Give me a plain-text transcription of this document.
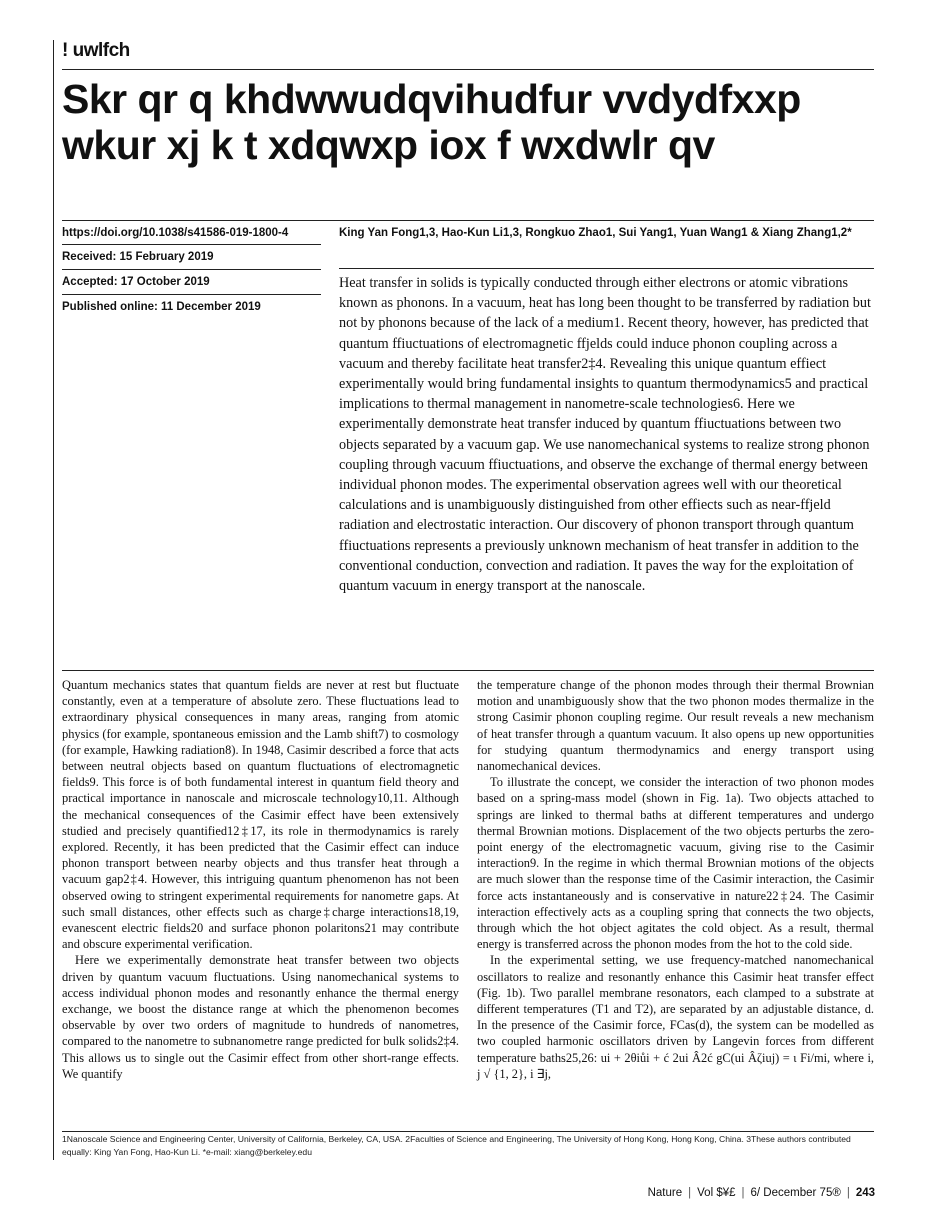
! uwlfch
Skr qr q khdwwudqvihudfur vvdydfxxp
wkur xj k t xdqwxp iox f wxdwlr qv
https://doi.org/10.1038/s41586-019-1800-4
Received: 15 February 2019
Accepted: 17 October 2019
Published online: 11 December 2019
King Yan Fong1,3, Hao-Kun Li1,3, Rongkuo Zhao1, Sui Yang1, Yuan Wang1 & Xiang Zhang1,2*

Heat transfer in solids is typically conducted through either electrons or atomic vibrations known as phonons. In a vacuum, heat has long been thought to be transferred by radiation but not by phonons because of the lack of a medium1. Recent theory, however, has predicted that quantum ffiuctuations of electromagnetic ffjelds could induce phonon coupling across a vacuum and thereby facilitate heat transfer2‡4. Revealing this unique quantum effiect experimentally would bring fundamental insights to quantum thermodynamics5 and practical implications to thermal management in nanometre-scale technologies6. Here we experimentally demonstrate heat transfer induced by quantum ffiuctuations between two objects separated by a vacuum gap. We use nanomechanical systems to realize strong phonon coupling through vacuum ffiuctuations, and observe the exchange of thermal energy between individual phonon modes. The experimental observation agrees well with our theoretical calculations and is unambiguously distinguished from other effiects such as near-ffjeld radiation and electrostatic interaction. Our discovery of phonon transport through quantum ffiuctuations represents a previously unknown mechanism of heat transfer in addition to the conventional conduction, convection and radiation. It paves the way for the exploitation of quantum vacuum in energy transport at the nanoscale.

Quantum mechanics states that quantum fields are never at rest but fluctuate constantly, even at a temperature of absolute zero. These fluctuations lead to extraordinary physical consequences in many areas, ranging from atomic physics (for example, spontaneous emission and the Lamb shift7) to cosmology (for example, Hawking radiation8). In 1948, Casimir described a force that acts between neutral objects based on quantum fluctuations of electromagnetic fields9. This force is of both fundamental interest in quantum field theory and practical importance in nanoscale and microscale technology10,11. Although the mechanical consequences of the Casimir effect have been extensively studied and precisely quantified12‡17, its role in thermodynamics is rarely explored. Recently, it has been predicted that the Casimir effect can induce phonon transport between nearby objects and thus transfer heat through a vacuum gap2‡4. However, this intriguing quantum phenomenon has not been observed owing to stringent experimental requirements for nanometre gaps. At such small distances, other effects such as charge‡charge interactions18,19, evanescent electric fields20 and surface phonon polaritons21 may contribute and obscure experimental verification.

Here we experimentally demonstrate heat transfer between two objects driven by quantum vacuum fluctuations. Using nanomechanical systems to access individual phonon modes and resonantly enhance the thermal energy exchange, we boost the distance range at which the phenomenon becomes observable by over two orders of magnitude to hundreds of nanometres, compared to the nanometre to subnanometre range predicted for bulk solids2‡4. This allows us to single out the Casimir effect from other short-range effects. We quantify

the temperature change of the phonon modes through their thermal Brownian motion and unambiguously show that the two phonon modes thermalize in the strong Casimir phonon coupling regime. Our result reveals a new mechanism of heat transfer through a quantum vacuum. It also opens up new opportunities for studying quantum thermodynamics and energy transport using nanomechanical devices.

To illustrate the concept, we consider the interaction of two phonon modes based on a spring-mass model (shown in Fig. 1a). Two objects attached to springs are linked to thermal baths at different temperatures and undergo thermal Brownian motions. Displacement of the two objects perturbs the zero-point energy of the electromagnetic vacuum, giving rise to the Casimir interaction9. In the regime in which thermal Brownian motions of the objects are much slower than the response time of the Casimir interaction, the Casimir force acts instantaneously and is conservative in nature22‡24. The Casimir interaction effectively acts as a coupling spring that connects the two objects, through which the hot object agitates the cold object. As a result, thermal energy is transferred across the phonon modes from the hot to the cold side.

In the experimental setting, we use frequency-matched nanomechanical oscillators to realize and resonantly enhance this Casimir heat transfer effect (Fig. 1b). Two parallel membrane resonators, each clamped to a substrate at different temperatures (T1 and T2), are separated by an adjustable distance, d. In the presence of the Casimir force, FCas(d), the system can be modelled as two coupled harmonic oscillators driven by Langevin forces from different temperature baths25,26: ui + 2θiůi + ć 2ui Â2ć gC(ui Âζiuj) = ι Fi/mi, where i, j √ {1, 2}, i ∃j,

1Nanoscale Science and Engineering Center, University of California, Berkeley, CA, USA. 2Faculties of Science and Engineering, The University of Hong Kong, Hong Kong, China. 3These authors contributed equally: King Yan Fong, Hao-Kun Li. *e-mail: xiang@berkeley.edu
Nature | Vol $¥£ | 6/ December 75® | 243
